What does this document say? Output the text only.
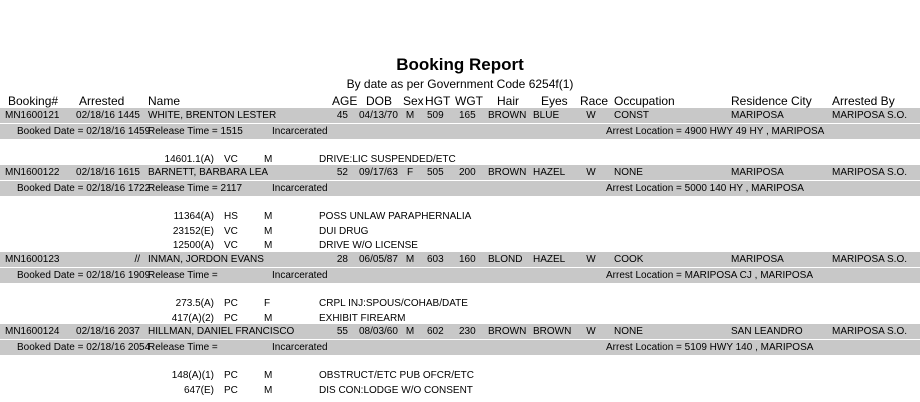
Booking Report
By date as per Government Code 6254f(1)
Booking# Arrested Name	AGE DOB Sex HGT WGT Hair Eyes Race Occupation	Residence City Arrested By
MN1600121	02/18/16 1445 WHITE, BRENTON LESTER	45 04/13/70 M 509 165 BROWN BLUE	W	CONST	MARIPOSA	MARIPOSA S.O.
Booked Date = 02/18/16 1459
Release Time = 1515	Incarcerated	Arrest Location = 4900 HWY 49 HY , MARIPOSA
14601.1(A) VC	M	DRIVE:LIC SUSPENDED/ETC
MN1600122	02/18/16 1615 BARNETT, BARBARA LEA	52 09/17/63 F	505 200 BROWN HAZEL	W	NONE	MARIPOSA	MARIPOSA S.O.
Booked Date = 02/18/16 1722
Release Time = 2117	Incarcerated	Arrest Location = 5000 140 HY , MARIPOSA
11364(A) HS	M	POSS UNLAW PARAPHERNALIA
23152(E) VC	M	DUI DRUG
12500(A) VC	M	DRIVE W/O LICENSE
MN1600123	// INMAN, JORDON EVANS	28 06/05/87 M 603 160 BLOND HAZEL	W	COOK	MARIPOSA	MARIPOSA S.O.
Booked Date = 02/18/16 1909
Release Time =	Incarcerated	Arrest Location = MARIPOSA CJ , MARIPOSA
273.5(A) PC	F	CRPL INJ:SPOUS/COHAB/DATE
417(A)(2) PC	M	EXHIBIT FIREARM
MN1600124	02/18/16 2037 HILLMAN, DANIEL FRANCISCO	55 08/03/60 M 602 230 BROWN BROWN	W	NONE	SAN LEANDRO	MARIPOSA S.O.
Booked Date = 02/18/16 2054
Release Time =	Incarcerated	Arrest Location = 5109 HWY 140 , MARIPOSA
148(A)(1) PC	M	OBSTRUCT/ETC PUB OFCR/ETC
647(E) PC	M	DIS CON:LODGE W/O CONSENT
